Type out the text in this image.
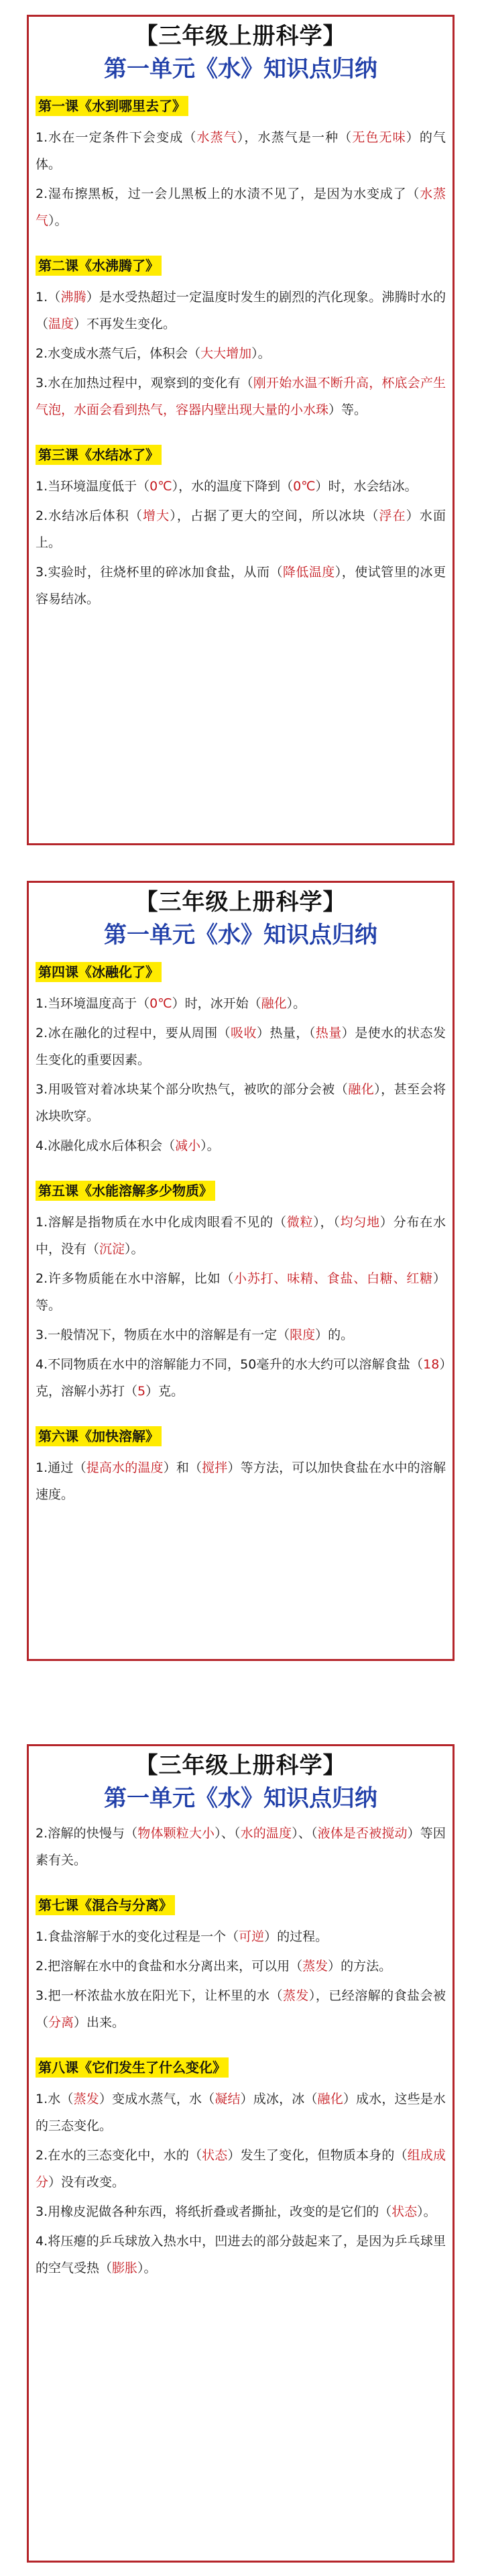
【三年级上册科学】
第一单元《水》知识点归纳
第一课《水到哪里去了》

1.水在一定条件下会变成（水蒸气），水蒸气是一种（无色无味）的气体。

2.湿布擦黑板，过一会儿黑板上的水渍不见了，是因为水变成了（水蒸气）。

第二课《水沸腾了》

1.（沸腾）是水受热超过一定温度时发生的剧烈的汽化现象。沸腾时水的（温度）不再发生变化。

2.水变成水蒸气后，体积会（大大增加）。

3.水在加热过程中，观察到的变化有（刚开始水温不断升高，杯底会产生气泡，水面会看到热气，容器内壁出现大量的小水珠）等。

第三课《水结冰了》

1.当环境温度低于（0℃），水的温度下降到（0℃）时，水会结冰。

2.水结冰后体积（增大），占据了更大的空间，所以冰块（浮在）水面上。

3.实验时，往烧杯里的碎冰加食盐，从而（降低温度），使试管里的冰更容易结冰。

【三年级上册科学】
第一单元《水》知识点归纳
第四课《冰融化了》

1.当环境温度高于（0℃）时，冰开始（融化）。

2.冰在融化的过程中，要从周围（吸收）热量，（热量）是使水的状态发生变化的重要因素。

3.用吸管对着冰块某个部分吹热气，被吹的部分会被（融化），甚至会将冰块吹穿。

4.冰融化成水后体积会（减小）。

第五课《水能溶解多少物质》

1.溶解是指物质在水中化成肉眼看不见的（微粒），（均匀地）分布在水中，没有（沉淀）。

2.许多物质能在水中溶解，比如（小苏打、味精、食盐、白糖、红糖）等。

3.一般情况下，物质在水中的溶解是有一定（限度）的。

4.不同物质在水中的溶解能力不同，50毫升的水大约可以溶解食盐（18）克，溶解小苏打（5）克。

第六课《加快溶解》

1.通过（提高水的温度）和（搅拌）等方法，可以加快食盐在水中的溶解速度。

【三年级上册科学】
第一单元《水》知识点归纳

2.溶解的快慢与（物体颗粒大小）、（水的温度）、（液体是否被搅动）等因素有关。

第七课《混合与分离》

1.食盐溶解于水的变化过程是一个（可逆）的过程。

2.把溶解在水中的食盐和水分离出来，可以用（蒸发）的方法。

3.把一杯浓盐水放在阳光下，让杯里的水（蒸发），已经溶解的食盐会被（分离）出来。

第八课《它们发生了什么变化》

1.水（蒸发）变成水蒸气，水（凝结）成冰，冰（融化）成水，这些是水的三态变化。

2.在水的三态变化中，水的（状态）发生了变化，但物质本身的（组成成分）没有改变。

3.用橡皮泥做各种东西，将纸折叠或者撕扯，改变的是它们的（状态）。

4.将压瘪的乒乓球放入热水中，凹进去的部分鼓起来了，是因为乒乓球里的空气受热（膨胀）。
